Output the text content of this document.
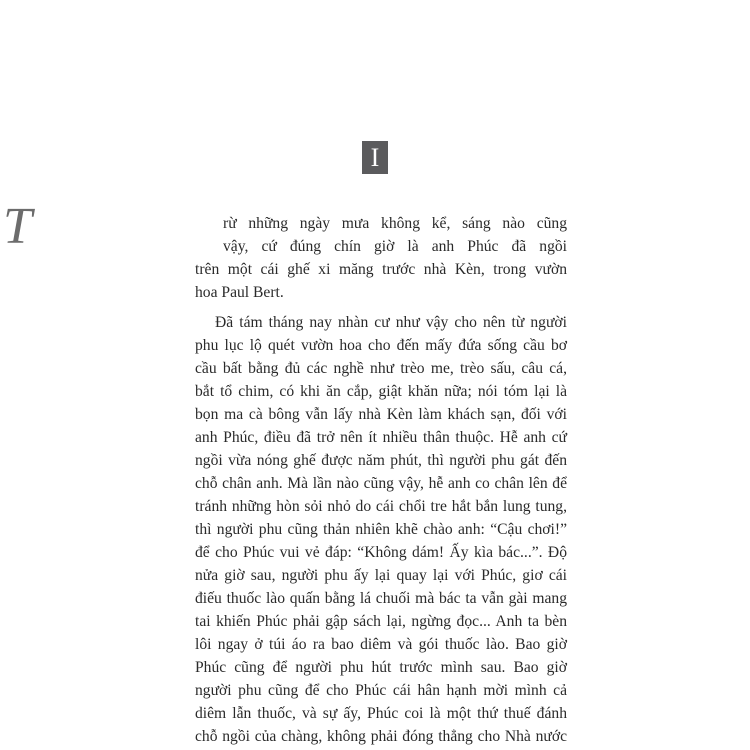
I
T	rừ những ngày mưa không kể, sáng nào cũng
vậy, cứ đúng chín giờ là anh Phúc đã ngồi
trên một cái ghế xi măng trước nhà Kèn, trong vườn
hoa Paul Bert.
Đã tám tháng nay nhàn cư như vậy cho nên từ người
phu lục lộ quét vườn hoa cho đến mấy đứa sống cầu bơ
cầu bất bằng đủ các nghề như trèo me, trèo sấu, câu cá,
bắt tổ chim, có khi ăn cắp, giật khăn nữa; nói tóm lại là
bọn ma cà bông vẫn lấy nhà Kèn làm khách sạn, đối với
anh Phúc, điều đã trở nên ít nhiều thân thuộc. Hễ anh cứ
ngồi vừa nóng ghế được năm phút, thì người phu gát đến
chỗ chân anh. Mà lần nào cũng vậy, hễ anh co chân lên để
tránh những hòn sỏi nhỏ do cái chổi tre hắt bắn lung tung,
thì người phu cũng thản nhiên khẽ chào anh: “Cậu chơi!”
để cho Phúc vui vẻ đáp: “Không dám! Ấy kìa bác...”. Độ
nửa giờ sau, người phu ấy lại quay lại với Phúc, giơ cái
điếu thuốc lào quấn bằng lá chuối mà bác ta vẫn gài mang
tai khiến Phúc phải gập sách lại, ngừng đọc... Anh ta bèn
lôi ngay ở túi áo ra bao diêm và gói thuốc lào. Bao giờ
Phúc cũng để người phu hút trước mình sau. Bao giờ
người phu cũng để cho Phúc cái hân hạnh mời mình cả
diêm lẫn thuốc, và sự ấy, Phúc coi là một thứ thuế đánh
chỗ ngồi của chàng, không phải đóng thẳng cho Nhà nước
